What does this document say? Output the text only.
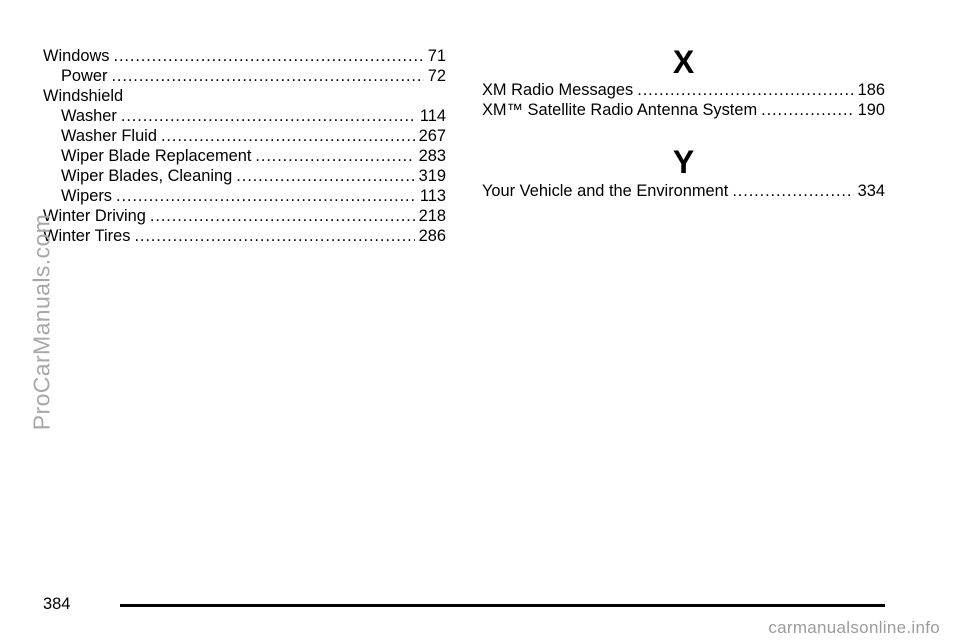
Windows .....	71
Power .....	72
Windshield
Washer .....	114
Washer Fluid .....	267
Wiper Blade Replacement .....	283
Wiper Blades, Cleaning .....	319
Wipers .....	113
Winter Driving .....	218
Winter Tires .....	286
X
XM Radio Messages .....	186
XM™ Satellite Radio Antenna System .....	190
Y
Your Vehicle and the Environment .....	334
384
ProCarManuals.com
carmanualsonline.info
